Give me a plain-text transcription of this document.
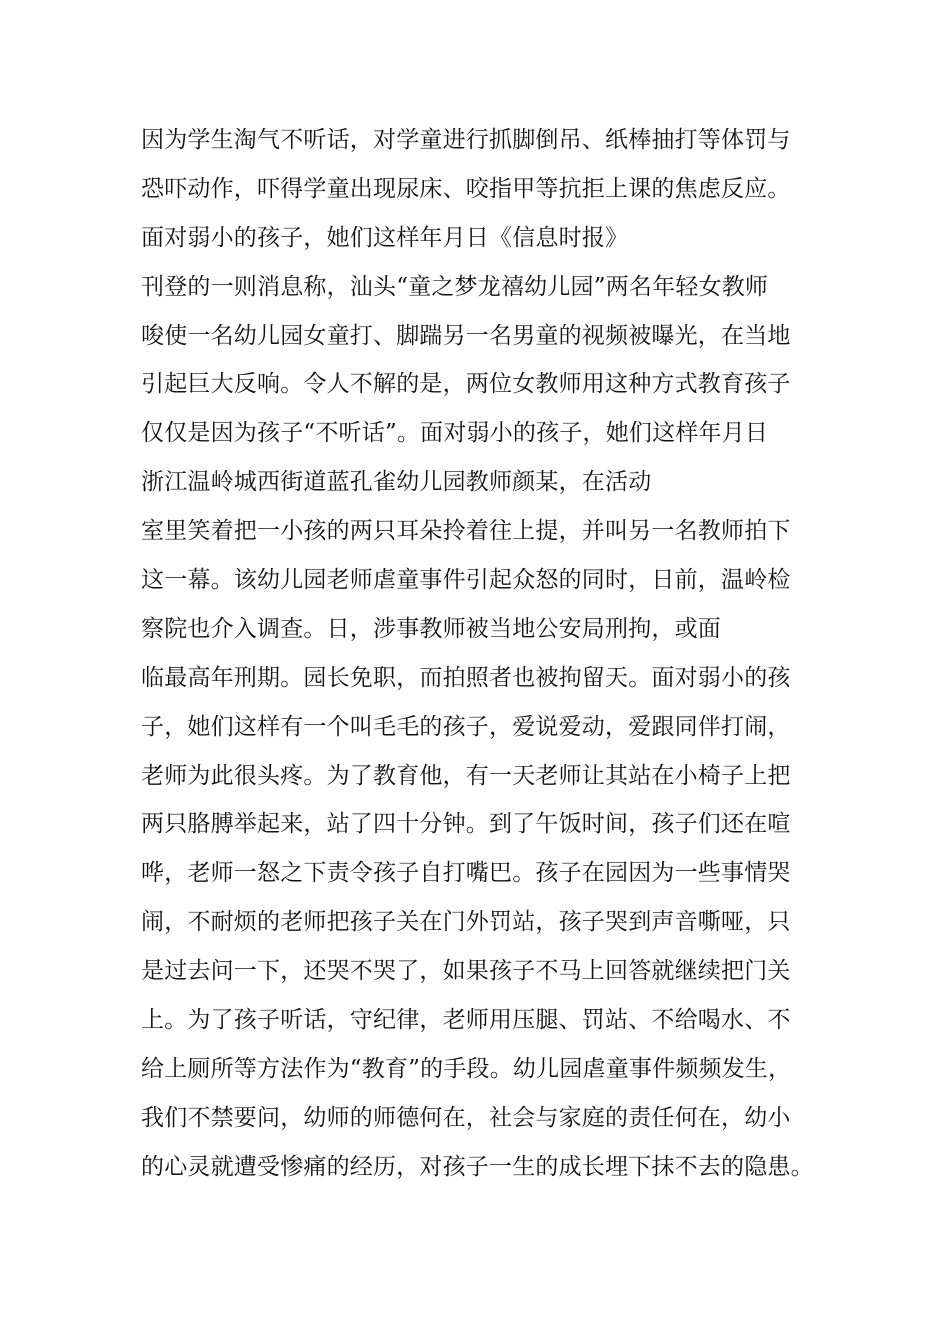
因为学生淘气不听话，对学童进行抓脚倒吊、纸棒抽打等体罚与
恐吓动作，吓得学童出现尿床、咬指甲等抗拒上课的焦虑反应。
面对弱小的孩子，她们这样年月日《信息时报》
刊登的一则消息称，汕头“童之梦龙禧幼儿园”两名年轻女教师
唆使一名幼儿园女童打、脚踹另一名男童的视频被曝光，在当地
引起巨大反响。令人不解的是，两位女教师用这种方式教育孩子
仅仅是因为孩子“不听话”。面对弱小的孩子，她们这样年月日
浙江温岭城西街道蓝孔雀幼儿园教师颜某，在活动
室里笑着把一小孩的两只耳朵拎着往上提，并叫另一名教师拍下
这一幕。该幼儿园老师虐童事件引起众怒的同时，日前，温岭检
察院也介入调查。日，涉事教师被当地公安局刑拘，或面
临最高年刑期。园长免职，而拍照者也被拘留天。面对弱小的孩
子，她们这样有一个叫毛毛的孩子，爱说爱动，爱跟同伴打闹，
老师为此很头疼。为了教育他，有一天老师让其站在小椅子上把
两只胳膊举起来，站了四十分钟。到了午饭时间，孩子们还在喧
哗，老师一怒之下责令孩子自打嘴巴。孩子在园因为一些事情哭
闹，不耐烦的老师把孩子关在门外罚站，孩子哭到声音嘶哑，只
是过去问一下，还哭不哭了，如果孩子不马上回答就继续把门关
上。为了孩子听话，守纪律，老师用压腿、罚站、不给喝水、不
给上厕所等方法作为“教育”的手段。幼儿园虐童事件频频发生，
我们不禁要问，幼师的师德何在，社会与家庭的责任何在，幼小
的心灵就遭受惨痛的经历，对孩子一生的成长埋下抹不去的隐患。
